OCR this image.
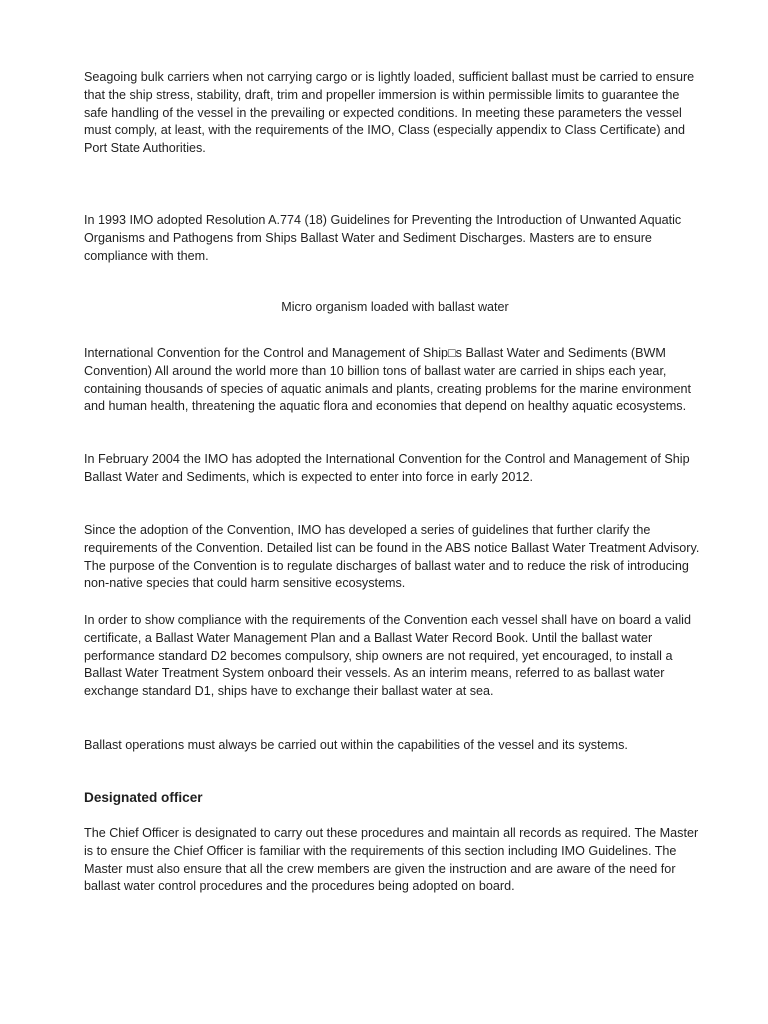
Seagoing bulk carriers when not carrying cargo or is lightly loaded, sufficient ballast must be carried to ensure that the ship stress, stability, draft, trim and propeller immersion is within permissible limits to guarantee the safe handling of the vessel in the prevailing or expected conditions. In meeting these parameters the vessel must comply, at least, with the requirements of the IMO, Class (especially appendix to Class Certificate) and Port State Authorities.

In 1993 IMO adopted Resolution A.774 (18) Guidelines for Preventing the Introduction of Unwanted Aquatic Organisms and Pathogens from Ships Ballast Water and Sediment Discharges. Masters are to ensure compliance with them.

Micro organism loaded with ballast water

International Convention for the Control and Management of Ship□s Ballast Water and Sediments (BWM Convention) All around the world more than 10 billion tons of ballast water are carried in ships each year, containing thousands of species of aquatic animals and plants, creating problems for the marine environment and human health, threatening the aquatic flora and economies that depend on healthy aquatic ecosystems.

In February 2004 the IMO has adopted the International Convention for the Control and Management of Ship Ballast Water and Sediments, which is expected to enter into force in early 2012.

Since the adoption of the Convention, IMO has developed a series of guidelines that further clarify the requirements of the Convention. Detailed list can be found in the ABS notice Ballast Water Treatment Advisory. The purpose of the Convention is to regulate discharges of ballast water and to reduce the risk of introducing non-native species that could harm sensitive ecosystems.

In order to show compliance with the requirements of the Convention each vessel shall have on board a valid certificate, a Ballast Water Management Plan and a Ballast Water Record Book. Until the ballast water performance standard D2 becomes compulsory, ship owners are not required, yet encouraged, to install a Ballast Water Treatment System onboard their vessels. As an interim means, referred to as ballast water exchange standard D1, ships have to exchange their ballast water at sea.

Ballast operations must always be carried out within the capabilities of the vessel and its systems.

Designated officer

The Chief Officer is designated to carry out these procedures and maintain all records as required. The Master is to ensure the Chief Officer is familiar with the requirements of this section including IMO Guidelines. The Master must also ensure that all the crew members are given the instruction and are aware of the need for ballast water control procedures and the procedures being adopted on board.
